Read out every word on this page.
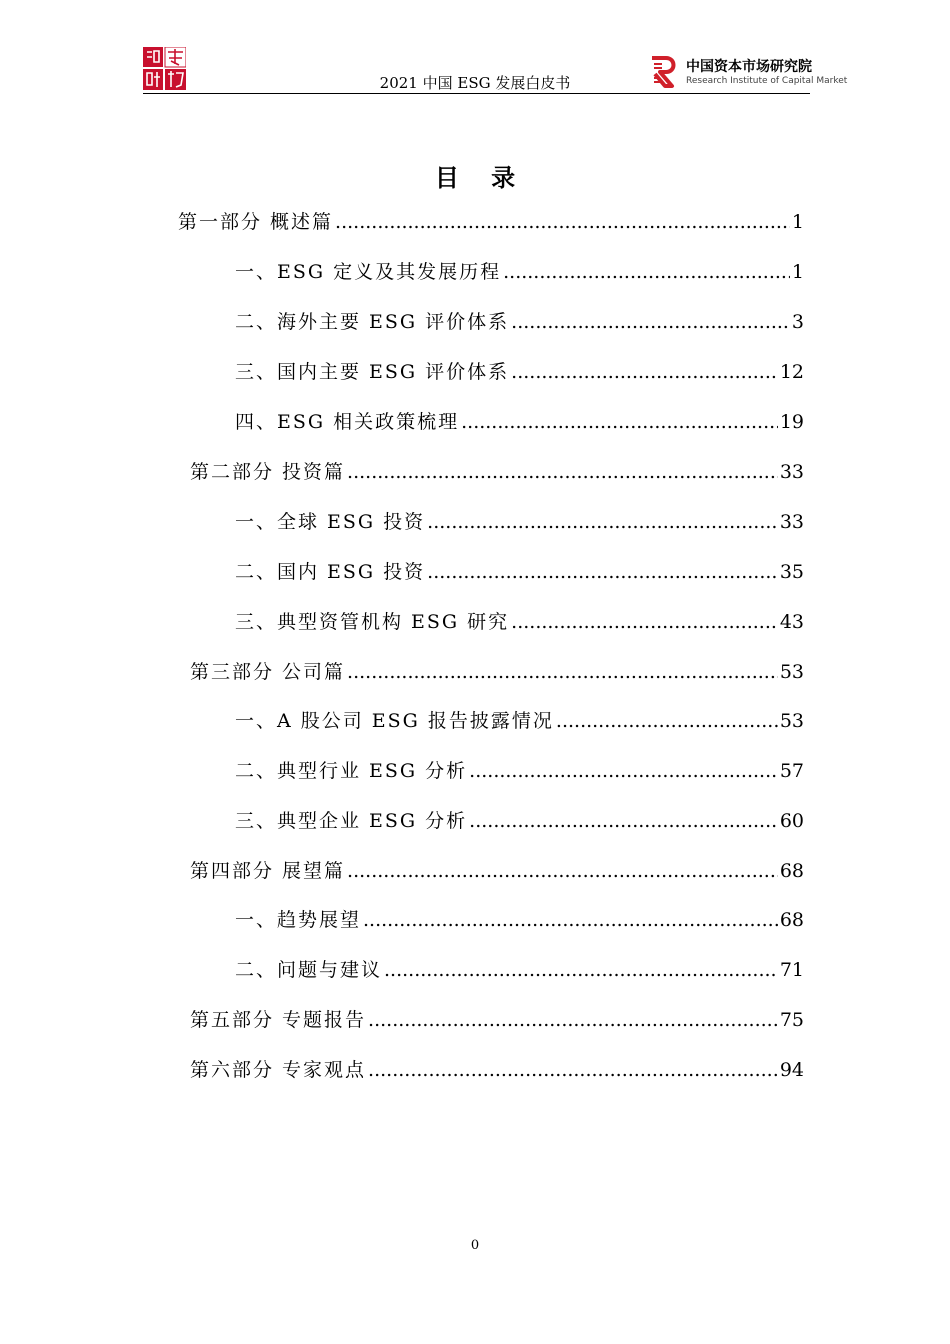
2021 中国 ESG 发展白皮书
中国资本市场研究院
Research Institute of Capital Market
目 录
第一部分 概述篇 .....	1
一、ESG 定义及其发展历程 .....	1
二、海外主要 ESG 评价体系 .....	3
三、国内主要 ESG 评价体系 .....	12
四、ESG 相关政策梳理 .....	19
第二部分 投资篇 .....	33
一、全球 ESG 投资 .....	33
二、国内 ESG 投资 .....	35
三、典型资管机构 ESG 研究 .....	43
第三部分 公司篇 .....	53
一、A 股公司 ESG 报告披露情况 .....	53
二、典型行业 ESG 分析 .....	57
三、典型企业 ESG 分析 .....	60
第四部分 展望篇 .....	68
一、趋势展望 .....	68
二、问题与建议 .....	71
第五部分 专题报告 .....	75
第六部分 专家观点 .....	94
0
